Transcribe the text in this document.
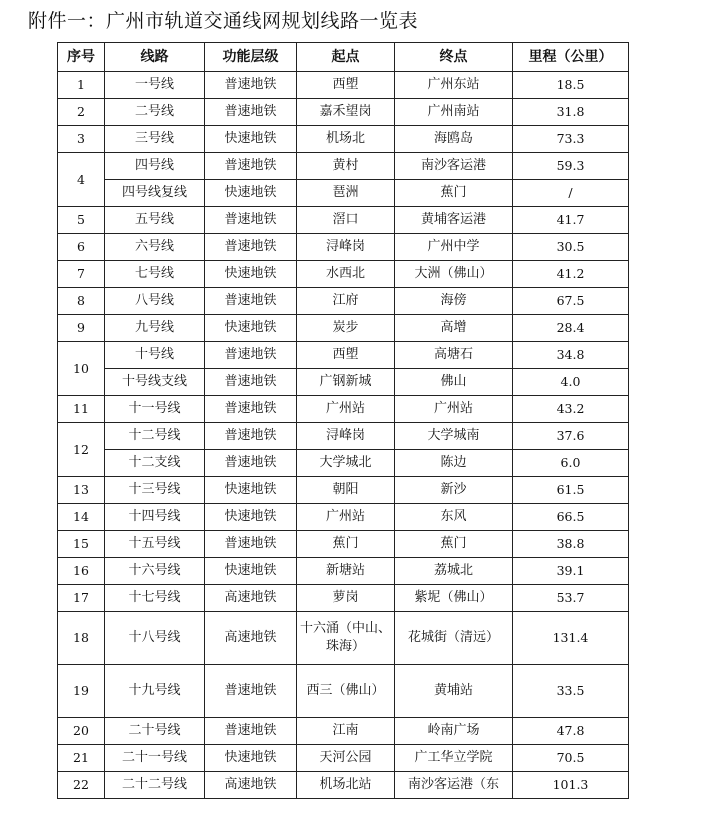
附件一：广州市轨道交通线网规划线路一览表
序号	线路	功能层级	起点	终点	里程（公里）
1	一号线	普速地铁	西塱	广州东站	18.5
2	二号线	普速地铁	嘉禾望岗	广州南站	31.8
3	三号线	快速地铁	机场北	海鸥岛	73.3
4	四号线	普速地铁	黄村	南沙客运港	59.3
	四号线复线	快速地铁	琶洲	蕉门	/
5	五号线	普速地铁	滘口	黄埔客运港	41.7
6	六号线	普速地铁	浔峰岗	广州中学	30.5
7	七号线	快速地铁	水西北	大洲（佛山）	41.2
8	八号线	普速地铁	江府	海傍	67.5
9	九号线	快速地铁	炭步	高增	28.4
10	十号线	普速地铁	西塱	高塘石	34.8
	十号线支线	普速地铁	广钢新城	佛山	4.0
11	十一号线	普速地铁	广州站	广州站	43.2
12	十二号线	普速地铁	浔峰岗	大学城南	37.6
	十二支线	普速地铁	大学城北	陈边	6.0
13	十三号线	快速地铁	朝阳	新沙	61.5
14	十四号线	快速地铁	广州站	东风	66.5
15	十五号线	普速地铁	蕉门	蕉门	38.8
16	十六号线	快速地铁	新塘站	荔城北	39.1
17	十七号线	高速地铁	萝岗	紫坭（佛山）	53.7
18	十八号线	高速地铁	十六涌（中山、珠海）	花城街（清远）	131.4
19	十九号线	普速地铁	西三（佛山）	黄埔站	33.5
20	二十号线	普速地铁	江南	岭南广场	47.8
21	二十一号线	快速地铁	天河公园	广工华立学院	70.5
22	二十二号线	高速地铁	机场北站	南沙客运港（东	101.3
